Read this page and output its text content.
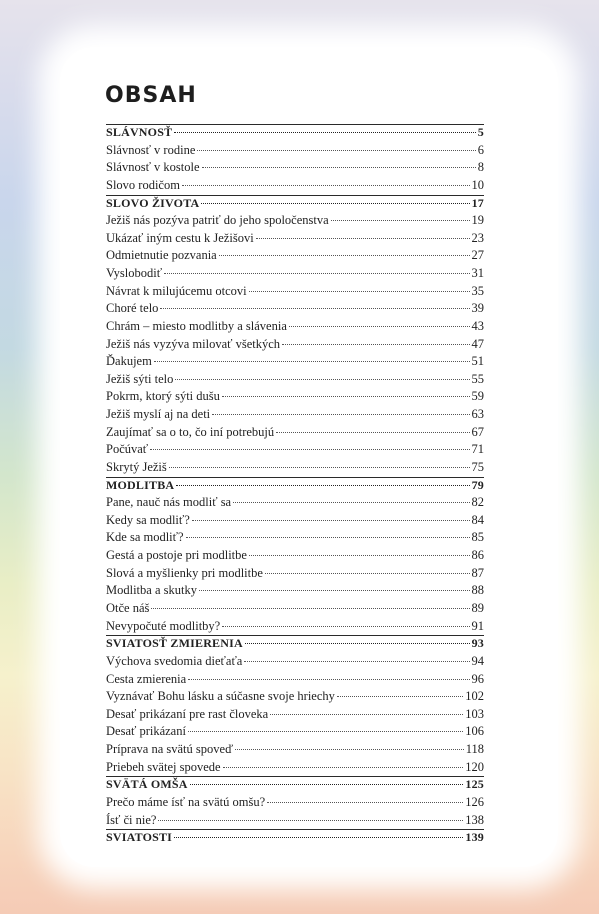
OBSAH
SLÁVNOSŤ	5
Slávnosť v rodine	6
Slávnosť v kostole	8
Slovo rodičom	10
SLOVO ŽIVOTA	17
Ježiš nás pozýva patriť do jeho spoločenstva	19
Ukázať iným cestu k Ježišovi	23
Odmietnutie pozvania	27
Vyslobodiť	31
Návrat k milujúcemu otcovi	35
Choré telo	39
Chrám – miesto modlitby a slávenia	43
Ježiš nás vyzýva milovať všetkých	47
Ďakujem	51
Ježiš sýti telo	55
Pokrm, ktorý sýti dušu	59
Ježiš myslí aj na deti	63
Zaujímať sa o to, čo iní potrebujú	67
Počúvať	71
Skrytý Ježiš	75
MODLITBA	79
Pane, nauč nás modliť sa	82
Kedy sa modliť?	84
Kde sa modliť?	85
Gestá a postoje pri modlitbe	86
Slová a myšlienky pri modlitbe	87
Modlitba a skutky	88
Otče náš	89
Nevypočuté modlitby?	91
SVIATOSŤ ZMIERENIA	93
Výchova svedomia dieťaťa	94
Cesta zmierenia	96
Vyznávať Bohu lásku a súčasne svoje hriechy	102
Desať prikázaní pre rast človeka	103
Desať prikázaní	106
Príprava na svätú spoveď	118
Priebeh svätej spovede	120
SVÄTÁ OMŠA	125
Prečo máme ísť na svätú omšu?	126
Ísť či nie?	138
SVIATOSTI	139
